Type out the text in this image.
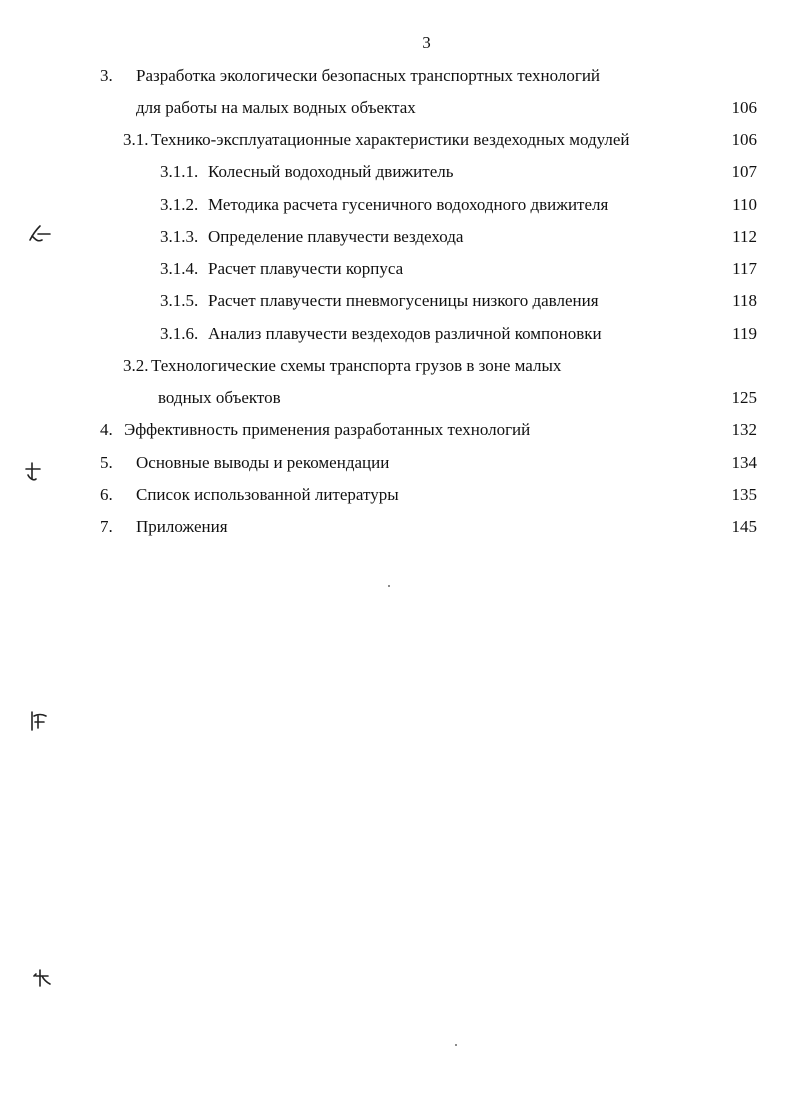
3
3. Разработка экологически безопасных транспортных технологий
для работы на малых водных объектах	106
3.1. Технико-эксплуатационные характеристики вездеходных модулей	106
3.1.1. Колесный водоходный движитель	107
3.1.2. Методика расчета гусеничного водоходного движителя	110
3.1.3. Определение плавучести вездехода	112
3.1.4. Расчет плавучести корпуса	117
3.1.5. Расчет плавучести пневмогусеницы низкого давления	118
3.1.6. Анализ плавучести вездеходов различной компоновки	119
3.2. Технологические схемы транспорта грузов в зоне малых
водных объектов	125
4. Эффективность применения разработанных технологий	132
5. Основные выводы и рекомендации	134
6. Список использованной литературы	135
7. Приложения	145
